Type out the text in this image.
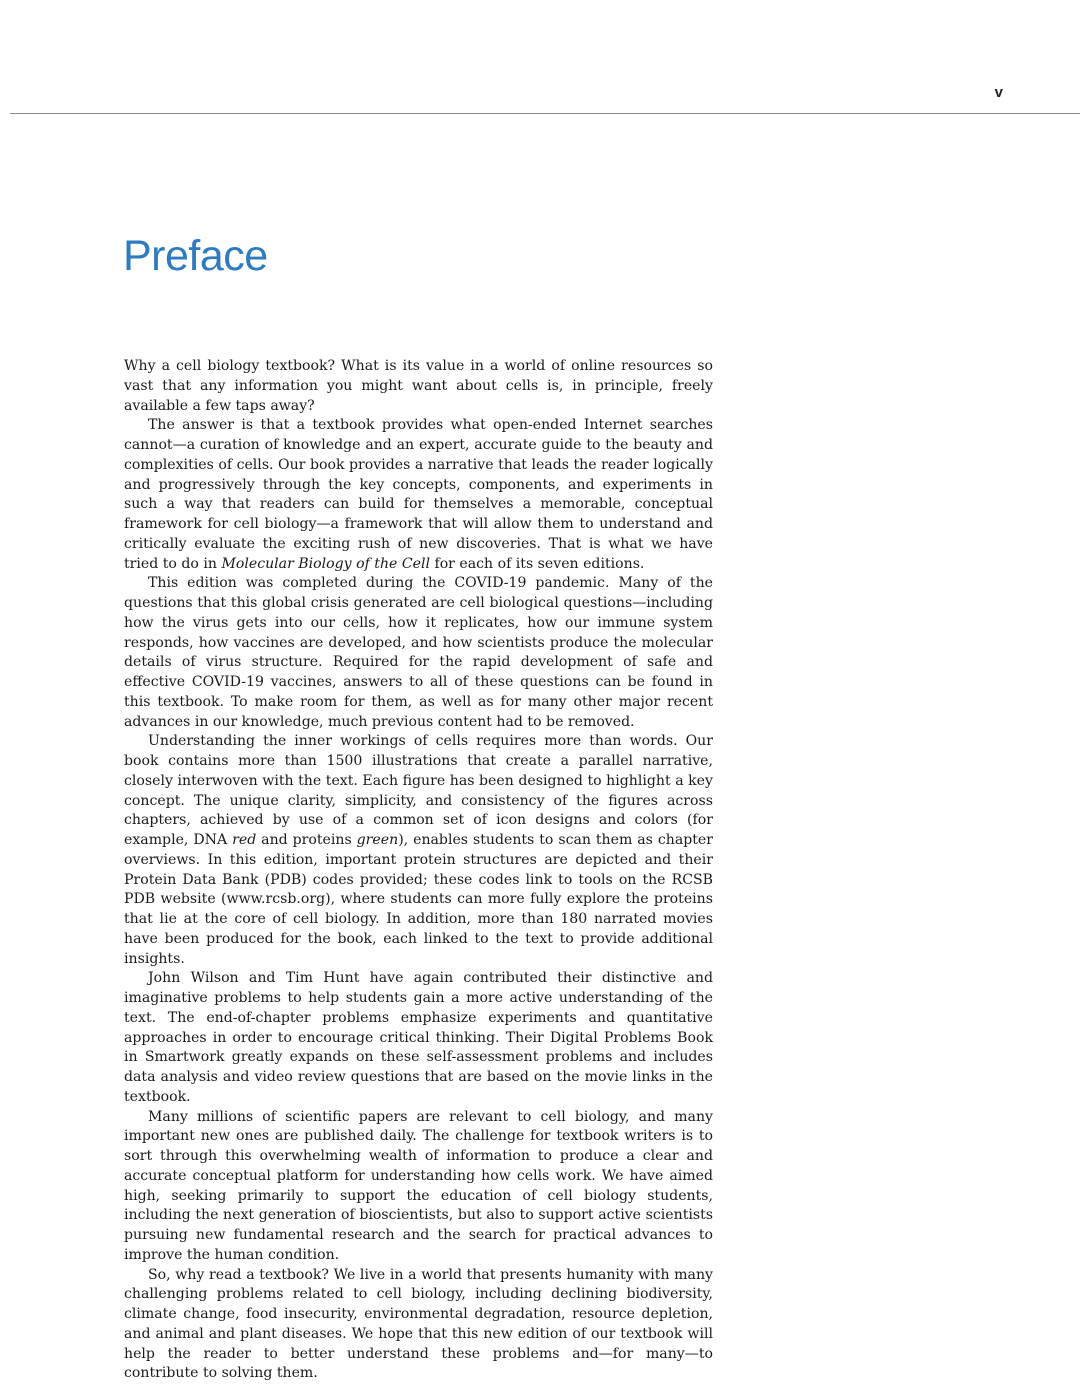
v
Preface

Why a cell biology textbook? What is its value in a world of online resources so vast that any information you might want about cells is, in principle, freely available a few taps away?

The answer is that a textbook provides what open-ended Internet searches cannot—a curation of knowledge and an expert, accurate guide to the beauty and complexities of cells. Our book provides a narrative that leads the reader logically and progressively through the key concepts, components, and experiments in such a way that readers can build for themselves a memorable, conceptual framework for cell biology—a framework that will allow them to understand and critically evaluate the exciting rush of new discoveries. That is what we have tried to do in Molecular Biology of the Cell for each of its seven editions.

This edition was completed during the COVID-19 pandemic. Many of the questions that this global crisis generated are cell biological questions—including how the virus gets into our cells, how it replicates, how our immune system responds, how vaccines are developed, and how scientists produce the molecular details of virus structure. Required for the rapid development of safe and effective COVID-19 vaccines, answers to all of these questions can be found in this textbook. To make room for them, as well as for many other major recent advances in our knowledge, much previous content had to be removed.

Understanding the inner workings of cells requires more than words. Our book contains more than 1500 illustrations that create a parallel narrative, closely interwoven with the text. Each figure has been designed to highlight a key concept. The unique clarity, simplicity, and consistency of the figures across chapters, achieved by use of a common set of icon designs and colors (for example, DNA red and proteins green), enables students to scan them as chapter overviews. In this edition, important protein structures are depicted and their Protein Data Bank (PDB) codes provided; these codes link to tools on the RCSB PDB website (www.rcsb.org), where students can more fully explore the proteins that lie at the core of cell biology. In addition, more than 180 narrated movies have been produced for the book, each linked to the text to provide additional insights.

John Wilson and Tim Hunt have again contributed their distinctive and imaginative problems to help students gain a more active understanding of the text. The end-of-chapter problems emphasize experiments and quantitative approaches in order to encourage critical thinking. Their Digital Problems Book in Smartwork greatly expands on these self-assessment problems and includes data analysis and video review questions that are based on the movie links in the textbook.

Many millions of scientific papers are relevant to cell biology, and many important new ones are published daily. The challenge for textbook writers is to sort through this overwhelming wealth of information to produce a clear and accurate conceptual platform for understanding how cells work. We have aimed high, seeking primarily to support the education of cell biology students, including the next generation of bioscientists, but also to support active scientists pursuing new fundamental research and the search for practical advances to improve the human condition.

So, why read a textbook? We live in a world that presents humanity with many challenging problems related to cell biology, including declining biodiversity, climate change, food insecurity, environmental degradation, resource depletion, and animal and plant diseases. We hope that this new edition of our textbook will help the reader to better understand these problems and—for many—to contribute to solving them.
